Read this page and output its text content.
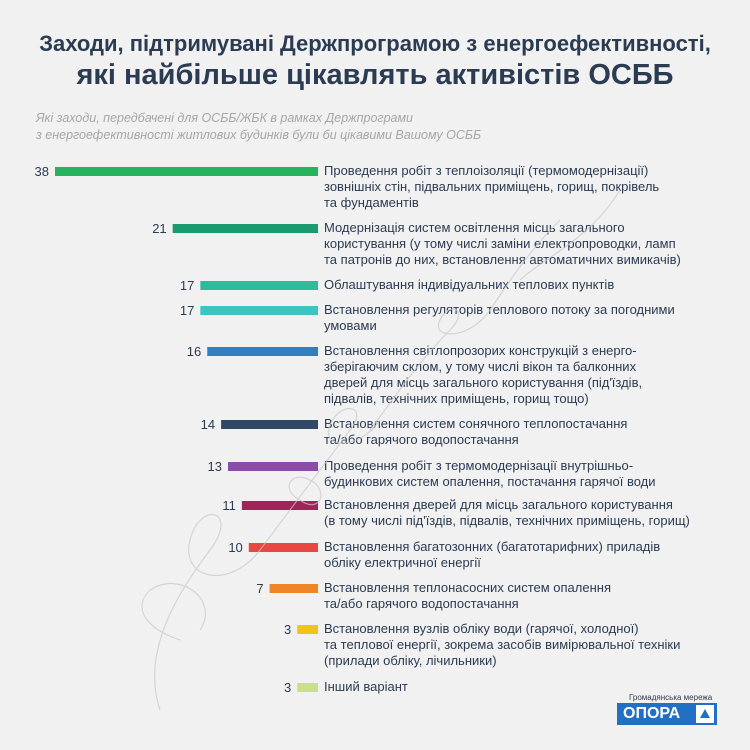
Заходи, підтримувані Держпрограмою з енергоефективності,
які найбільше цікавлять активістів ОСББ
Які заходи, передбачені для ОСББ/ЖБК в рамках Держпрограми
з енергоефективності житлових будинків були би цікавими Вашому ОСББ
38	Проведення робіт з теплоізоляції (термомодернізації)
зовнішніх стін, підвальних приміщень, горищ, покрівель
та фундаментів
21	Модернізація систем освітлення місць загального
користування (у тому числі заміни електропроводки, ламп
та патронів до них, встановлення автоматичних вимикачів)
17	Облаштування індивідуальних теплових пунктів
17	Встановлення регуляторів теплового потоку за погодними
умовами
16	Встановлення світлопрозорих конструкцій з енерго-
зберігаючим склом, у тому числі вікон та балконних
дверей для місць загального користування (під'їздів,
підвалів, технічних приміщень, горищ тощо)
14	Встановлення систем сонячного теплопостачання
та/або гарячого водопостачання
13	Проведення робіт з термомодернізації внутрішньо-
будинкових систем опалення, постачання гарячої води
11	Встановлення дверей для місць загального користування
(в тому числі під'їздів, підвалів, технічних приміщень, горищ)
10	Встановлення багатозонних (багатотарифних) приладів
обліку електричної енергії
7	Встановлення теплонасосних систем опалення
та/або гарячого водопостачання
3	Встановлення вузлів обліку води (гарячої, холодної)
та теплової енергії, зокрема засобів вимірювальної техніки
(прилади обліку, лічильники)
3	Інший варіант
Громадянська мережа
ОПОРА
